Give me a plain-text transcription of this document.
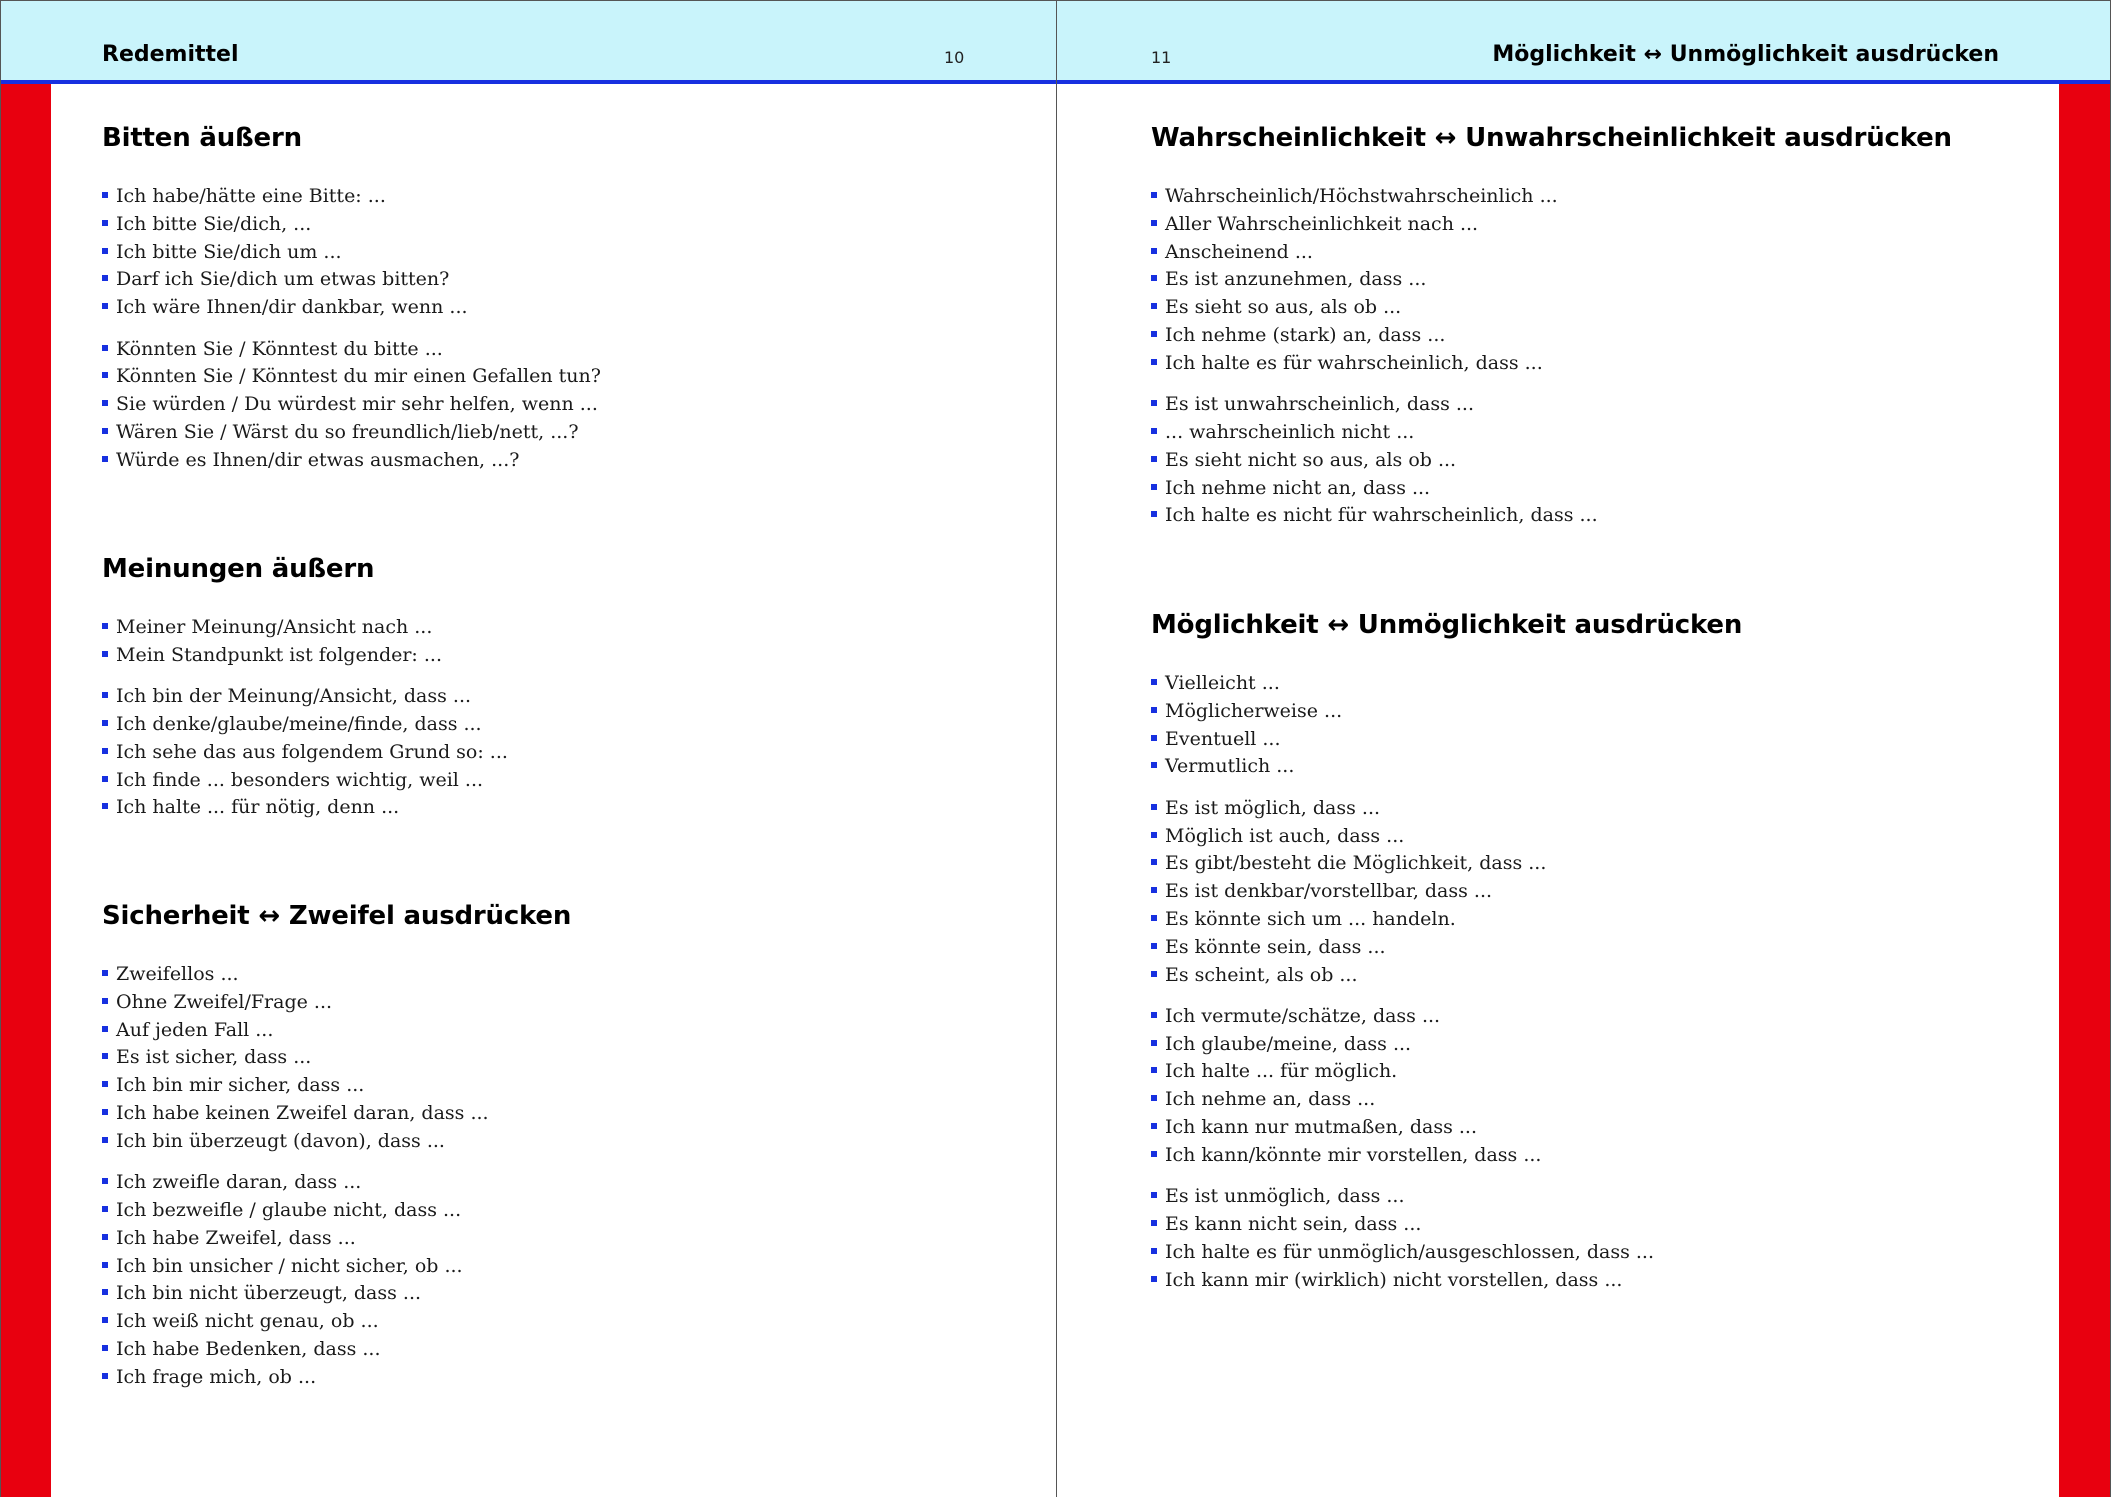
Redemittel	10
Bitten äußern
Ich habe/hätte eine Bitte: ...
Ich bitte Sie/dich, ...
Ich bitte Sie/dich um ...
Darf ich Sie/dich um etwas bitten?
Ich wäre Ihnen/dir dankbar, wenn ...
Könnten Sie / Könntest du bitte ...
Könnten Sie / Könntest du mir einen Gefallen tun?
Sie würden / Du würdest mir sehr helfen, wenn ...
Wären Sie / Wärst du so freundlich/lieb/nett, ...?
Würde es Ihnen/dir etwas ausmachen, ...?
Meinungen äußern
Meiner Meinung/Ansicht nach ...
Mein Standpunkt ist folgender: ...
Ich bin der Meinung/Ansicht, dass ...
Ich denke/glaube/meine/finde, dass ...
Ich sehe das aus folgendem Grund so: ...
Ich finde ... besonders wichtig, weil ...
Ich halte ... für nötig, denn ...
Sicherheit ↔ Zweifel ausdrücken
Zweifellos ...
Ohne Zweifel/Frage ...
Auf jeden Fall ...
Es ist sicher, dass ...
Ich bin mir sicher, dass ...
Ich habe keinen Zweifel daran, dass ...
Ich bin überzeugt (davon), dass ...
Ich zweifle daran, dass ...
Ich bezweifle / glaube nicht, dass ...
Ich habe Zweifel, dass ...
Ich bin unsicher / nicht sicher, ob ...
Ich bin nicht überzeugt, dass ...
Ich weiß nicht genau, ob ...
Ich habe Bedenken, dass ...
Ich frage mich, ob ...
11	Möglichkeit ↔ Unmöglichkeit ausdrücken
Wahrscheinlichkeit ↔ Unwahrscheinlichkeit ausdrücken
Wahrscheinlich/Höchstwahrscheinlich ...
Aller Wahrscheinlichkeit nach ...
Anscheinend ...
Es ist anzunehmen, dass ...
Es sieht so aus, als ob ...
Ich nehme (stark) an, dass ...
Ich halte es für wahrscheinlich, dass ...
Es ist unwahrscheinlich, dass ...
... wahrscheinlich nicht ...
Es sieht nicht so aus, als ob ...
Ich nehme nicht an, dass ...
Ich halte es nicht für wahrscheinlich, dass ...
Möglichkeit ↔ Unmöglichkeit ausdrücken
Vielleicht ...
Möglicherweise ...
Eventuell ...
Vermutlich ...
Es ist möglich, dass ...
Möglich ist auch, dass ...
Es gibt/besteht die Möglichkeit, dass ...
Es ist denkbar/vorstellbar, dass ...
Es könnte sich um ... handeln.
Es könnte sein, dass ...
Es scheint, als ob ...
Ich vermute/schätze, dass ...
Ich glaube/meine, dass ...
Ich halte ... für möglich.
Ich nehme an, dass ...
Ich kann nur mutmaßen, dass ...
Ich kann/könnte mir vorstellen, dass ...
Es ist unmöglich, dass ...
Es kann nicht sein, dass ...
Ich halte es für unmöglich/ausgeschlossen, dass ...
Ich kann mir (wirklich) nicht vorstellen, dass ...
